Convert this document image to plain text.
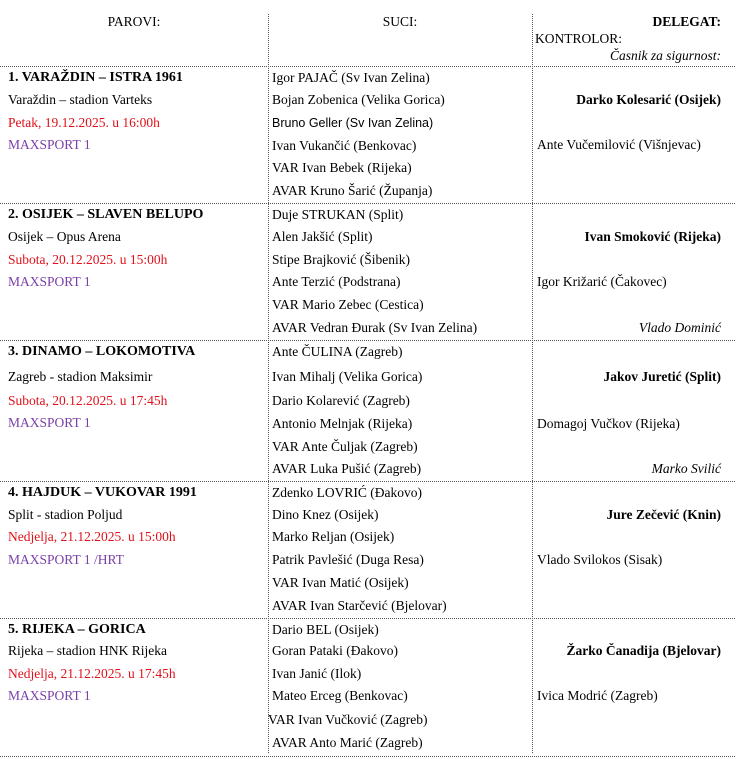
PAROVI:	SUCI:	DELEGAT:
KONTROLOR:
Časnik za sigurnost:
1. VARAŽDIN – ISTRA 1961
Varaždin – stadion Varteks
Petak, 19.12.2025. u 16:00h
MAXSPORT 1
Igor PAJAČ (Sv Ivan Zelina)
Bojan Zobenica (Velika Gorica)
Bruno Geller (Sv Ivan Zelina)
Ivan Vukančić (Benkovac)
VAR Ivan Bebek (Rijeka)
AVAR Kruno Šarić (Županja)
Darko Kolesarić (Osijek)
Ante Vučemilović (Višnjevac)
2. OSIJEK – SLAVEN BELUPO
Osijek – Opus Arena
Subota, 20.12.2025. u 15:00h
MAXSPORT 1
Duje STRUKAN (Split)
Alen Jakšić (Split)
Stipe Brajković (Šibenik)
Ante Terzić (Podstrana)
VAR Mario Zebec (Cestica)
AVAR Vedran Đurak (Sv Ivan Zelina)
Ivan Smoković (Rijeka)
Igor Križarić (Čakovec)
Vlado Dominić
3. DINAMO – LOKOMOTIVA
Zagreb - stadion Maksimir
Subota, 20.12.2025. u 17:45h
MAXSPORT 1
Ante ČULINA (Zagreb)
Ivan Mihalj (Velika Gorica)
Dario Kolarević (Zagreb)
Antonio Melnjak (Rijeka)
VAR Ante Čuljak (Zagreb)
AVAR Luka Pušić (Zagreb)
Jakov Juretić (Split)
Domagoj Vučkov (Rijeka)
Marko Svilić
4. HAJDUK – VUKOVAR 1991
Split - stadion Poljud
Nedjelja, 21.12.2025. u 15:00h
MAXSPORT 1 /HRT
Zdenko LOVRIĆ (Đakovo)
Dino Knez (Osijek)
Marko Reljan (Osijek)
Patrik Pavlešić (Duga Resa)
VAR Ivan Matić (Osijek)
AVAR Ivan Starčević (Bjelovar)
Jure Zečević (Knin)
Vlado Svilokos (Sisak)
5. RIJEKA – GORICA
Rijeka – stadion HNK Rijeka
Nedjelja, 21.12.2025. u 17:45h
MAXSPORT 1
Dario BEL (Osijek)
Goran Pataki (Đakovo)
Ivan Janić (Ilok)
Mateo Erceg (Benkovac)
VAR Ivan Vučković (Zagreb)
AVAR Anto Marić (Zagreb)
Žarko Čanadija (Bjelovar)
Ivica Modrić (Zagreb)
